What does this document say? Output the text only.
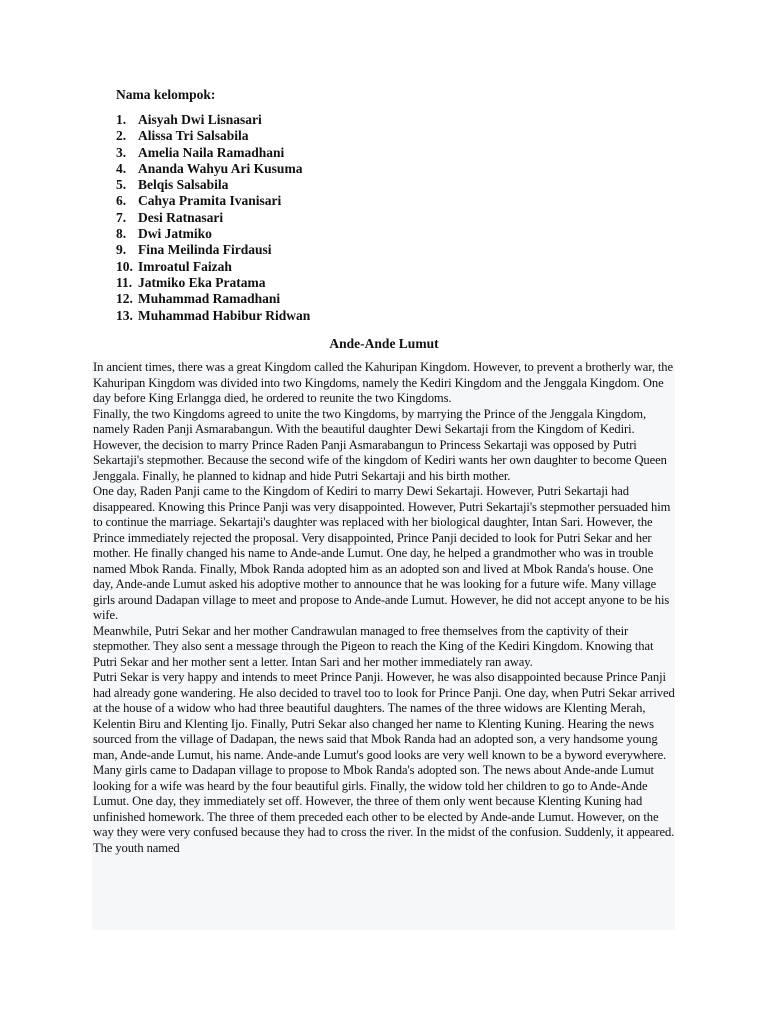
Nama kelompok:
1. Aisyah Dwi Lisnasari
2. Alissa Tri Salsabila
3. Amelia Naila Ramadhani
4. Ananda Wahyu Ari Kusuma
5. Belqis Salsabila
6. Cahya Pramita Ivanisari
7. Desi Ratnasari
8. Dwi Jatmiko
9. Fina Meilinda Firdausi
10. Imroatul Faizah
11. Jatmiko Eka Pratama
12. Muhammad Ramadhani
13. Muhammad Habibur Ridwan
Ande-Ande Lumut

In ancient times, there was a great Kingdom called the Kahuripan Kingdom. However, to prevent a brotherly war, the Kahuripan Kingdom was divided into two Kingdoms, namely the Kediri Kingdom and the Jenggala Kingdom. One day before King Erlangga died, he ordered to reunite the two Kingdoms.

Finally, the two Kingdoms agreed to unite the two Kingdoms, by marrying the Prince of the Jenggala Kingdom, namely Raden Panji Asmarabangun. With the beautiful daughter Dewi Sekartaji from the Kingdom of Kediri. However, the decision to marry Prince Raden Panji Asmarabangun to Princess Sekartaji was opposed by Putri Sekartaji's stepmother. Because the second wife of the kingdom of Kediri wants her own daughter to become Queen Jenggala. Finally, he planned to kidnap and hide Putri Sekartaji and his birth mother.

One day, Raden Panji came to the Kingdom of Kediri to marry Dewi Sekartaji. However, Putri Sekartaji had disappeared. Knowing this Prince Panji was very disappointed. However, Putri Sekartaji's stepmother persuaded him to continue the marriage. Sekartaji's daughter was replaced with her biological daughter, Intan Sari. However, the Prince immediately rejected the proposal. Very disappointed, Prince Panji decided to look for Putri Sekar and her mother. He finally changed his name to Ande-ande Lumut. One day, he helped a grandmother who was in trouble named Mbok Randa. Finally, Mbok Randa adopted him as an adopted son and lived at Mbok Randa's house. One day, Ande-ande Lumut asked his adoptive mother to announce that he was looking for a future wife. Many village girls around Dadapan village to meet and propose to Ande-ande Lumut. However, he did not accept anyone to be his wife.

Meanwhile, Putri Sekar and her mother Candrawulan managed to free themselves from the captivity of their stepmother. They also sent a message through the Pigeon to reach the King of the Kediri Kingdom. Knowing that Putri Sekar and her mother sent a letter. Intan Sari and her mother immediately ran away.

Putri Sekar is very happy and intends to meet Prince Panji. However, he was also disappointed because Prince Panji had already gone wandering. He also decided to travel too to look for Prince Panji. One day, when Putri Sekar arrived at the house of a widow who had three beautiful daughters. The names of the three widows are Klenting Merah, Kelentin Biru and Klenting Ijo. Finally, Putri Sekar also changed her name to Klenting Kuning. Hearing the news sourced from the village of Dadapan, the news said that Mbok Randa had an adopted son, a very handsome young man, Ande-ande Lumut, his name. Ande-ande Lumut's good looks are very well known to be a byword everywhere. Many girls came to Dadapan village to propose to Mbok Randa's adopted son. The news about Ande-ande Lumut looking for a wife was heard by the four beautiful girls. Finally, the widow told her children to go to Ande-Ande Lumut. One day, they immediately set off. However, the three of them only went because Klenting Kuning had unfinished homework. The three of them preceded each other to be elected by Ande-ande Lumut. However, on the way they were very confused because they had to cross the river. In the midst of the confusion. Suddenly, it appeared. The youth named
